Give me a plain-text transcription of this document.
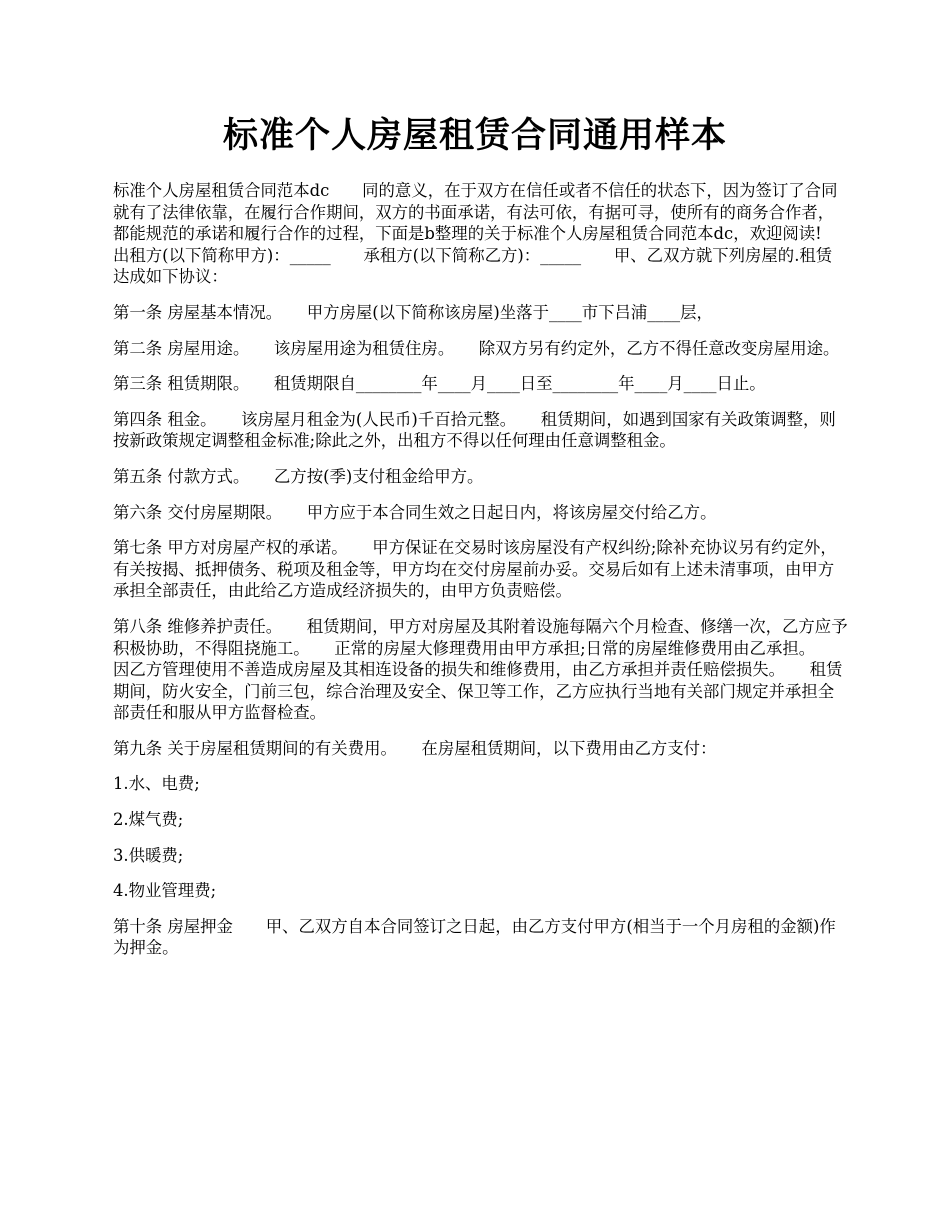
标准个人房屋租赁合同通用样本

标准个人房屋租赁合同范本dc　　同的意义，在于双方在信任或者不信任的状态下，因为签订了合同就有了法律依靠，在履行合作期间，双方的书面承诺，有法可依，有据可寻，使所有的商务合作者，都能规范的承诺和履行合作的过程，下面是b整理的关于标准个人房屋租赁合同范本dc，欢迎阅读!　　出租方(以下简称甲方)：_____　　承租方(以下简称乙方)：_____　　甲、乙双方就下列房屋的.租赁达成如下协议：

第一条 房屋基本情况。　　甲方房屋(以下简称该房屋)坐落于____市下吕浦____层，

第二条 房屋用途。　　该房屋用途为租赁住房。　　除双方另有约定外，乙方不得任意改变房屋用途。

第三条 租赁期限。　　租赁期限自________年____月____日至________年____月____日止。

第四条 租金。　　该房屋月租金为(人民币)千百拾元整。　　租赁期间，如遇到国家有关政策调整，则按新政策规定调整租金标准;除此之外，出租方不得以任何理由任意调整租金。

第五条 付款方式。　　乙方按(季)支付租金给甲方。

第六条 交付房屋期限。　　甲方应于本合同生效之日起日内，将该房屋交付给乙方。

第七条 甲方对房屋产权的承诺。　　甲方保证在交易时该房屋没有产权纠纷;除补充协议另有约定外，有关按揭、抵押债务、税项及租金等，甲方均在交付房屋前办妥。交易后如有上述未清事项，由甲方承担全部责任，由此给乙方造成经济损失的，由甲方负责赔偿。

第八条 维修养护责任。　　租赁期间，甲方对房屋及其附着设施每隔六个月检查、修缮一次，乙方应予积极协助，不得阻挠施工。　　正常的房屋大修理费用由甲方承担;日常的房屋维修费用由乙承担。　　因乙方管理使用不善造成房屋及其相连设备的损失和维修费用，由乙方承担并责任赔偿损失。　　租赁期间，防火安全，门前三包，综合治理及安全、保卫等工作，乙方应执行当地有关部门规定并承担全部责任和服从甲方监督检查。

第九条 关于房屋租赁期间的有关费用。　　在房屋租赁期间，以下费用由乙方支付：

1.水、电费;

2.煤气费;

3.供暖费;

4.物业管理费;

第十条 房屋押金　　甲、乙双方自本合同签订之日起，由乙方支付甲方(相当于一个月房租的金额)作为押金。
